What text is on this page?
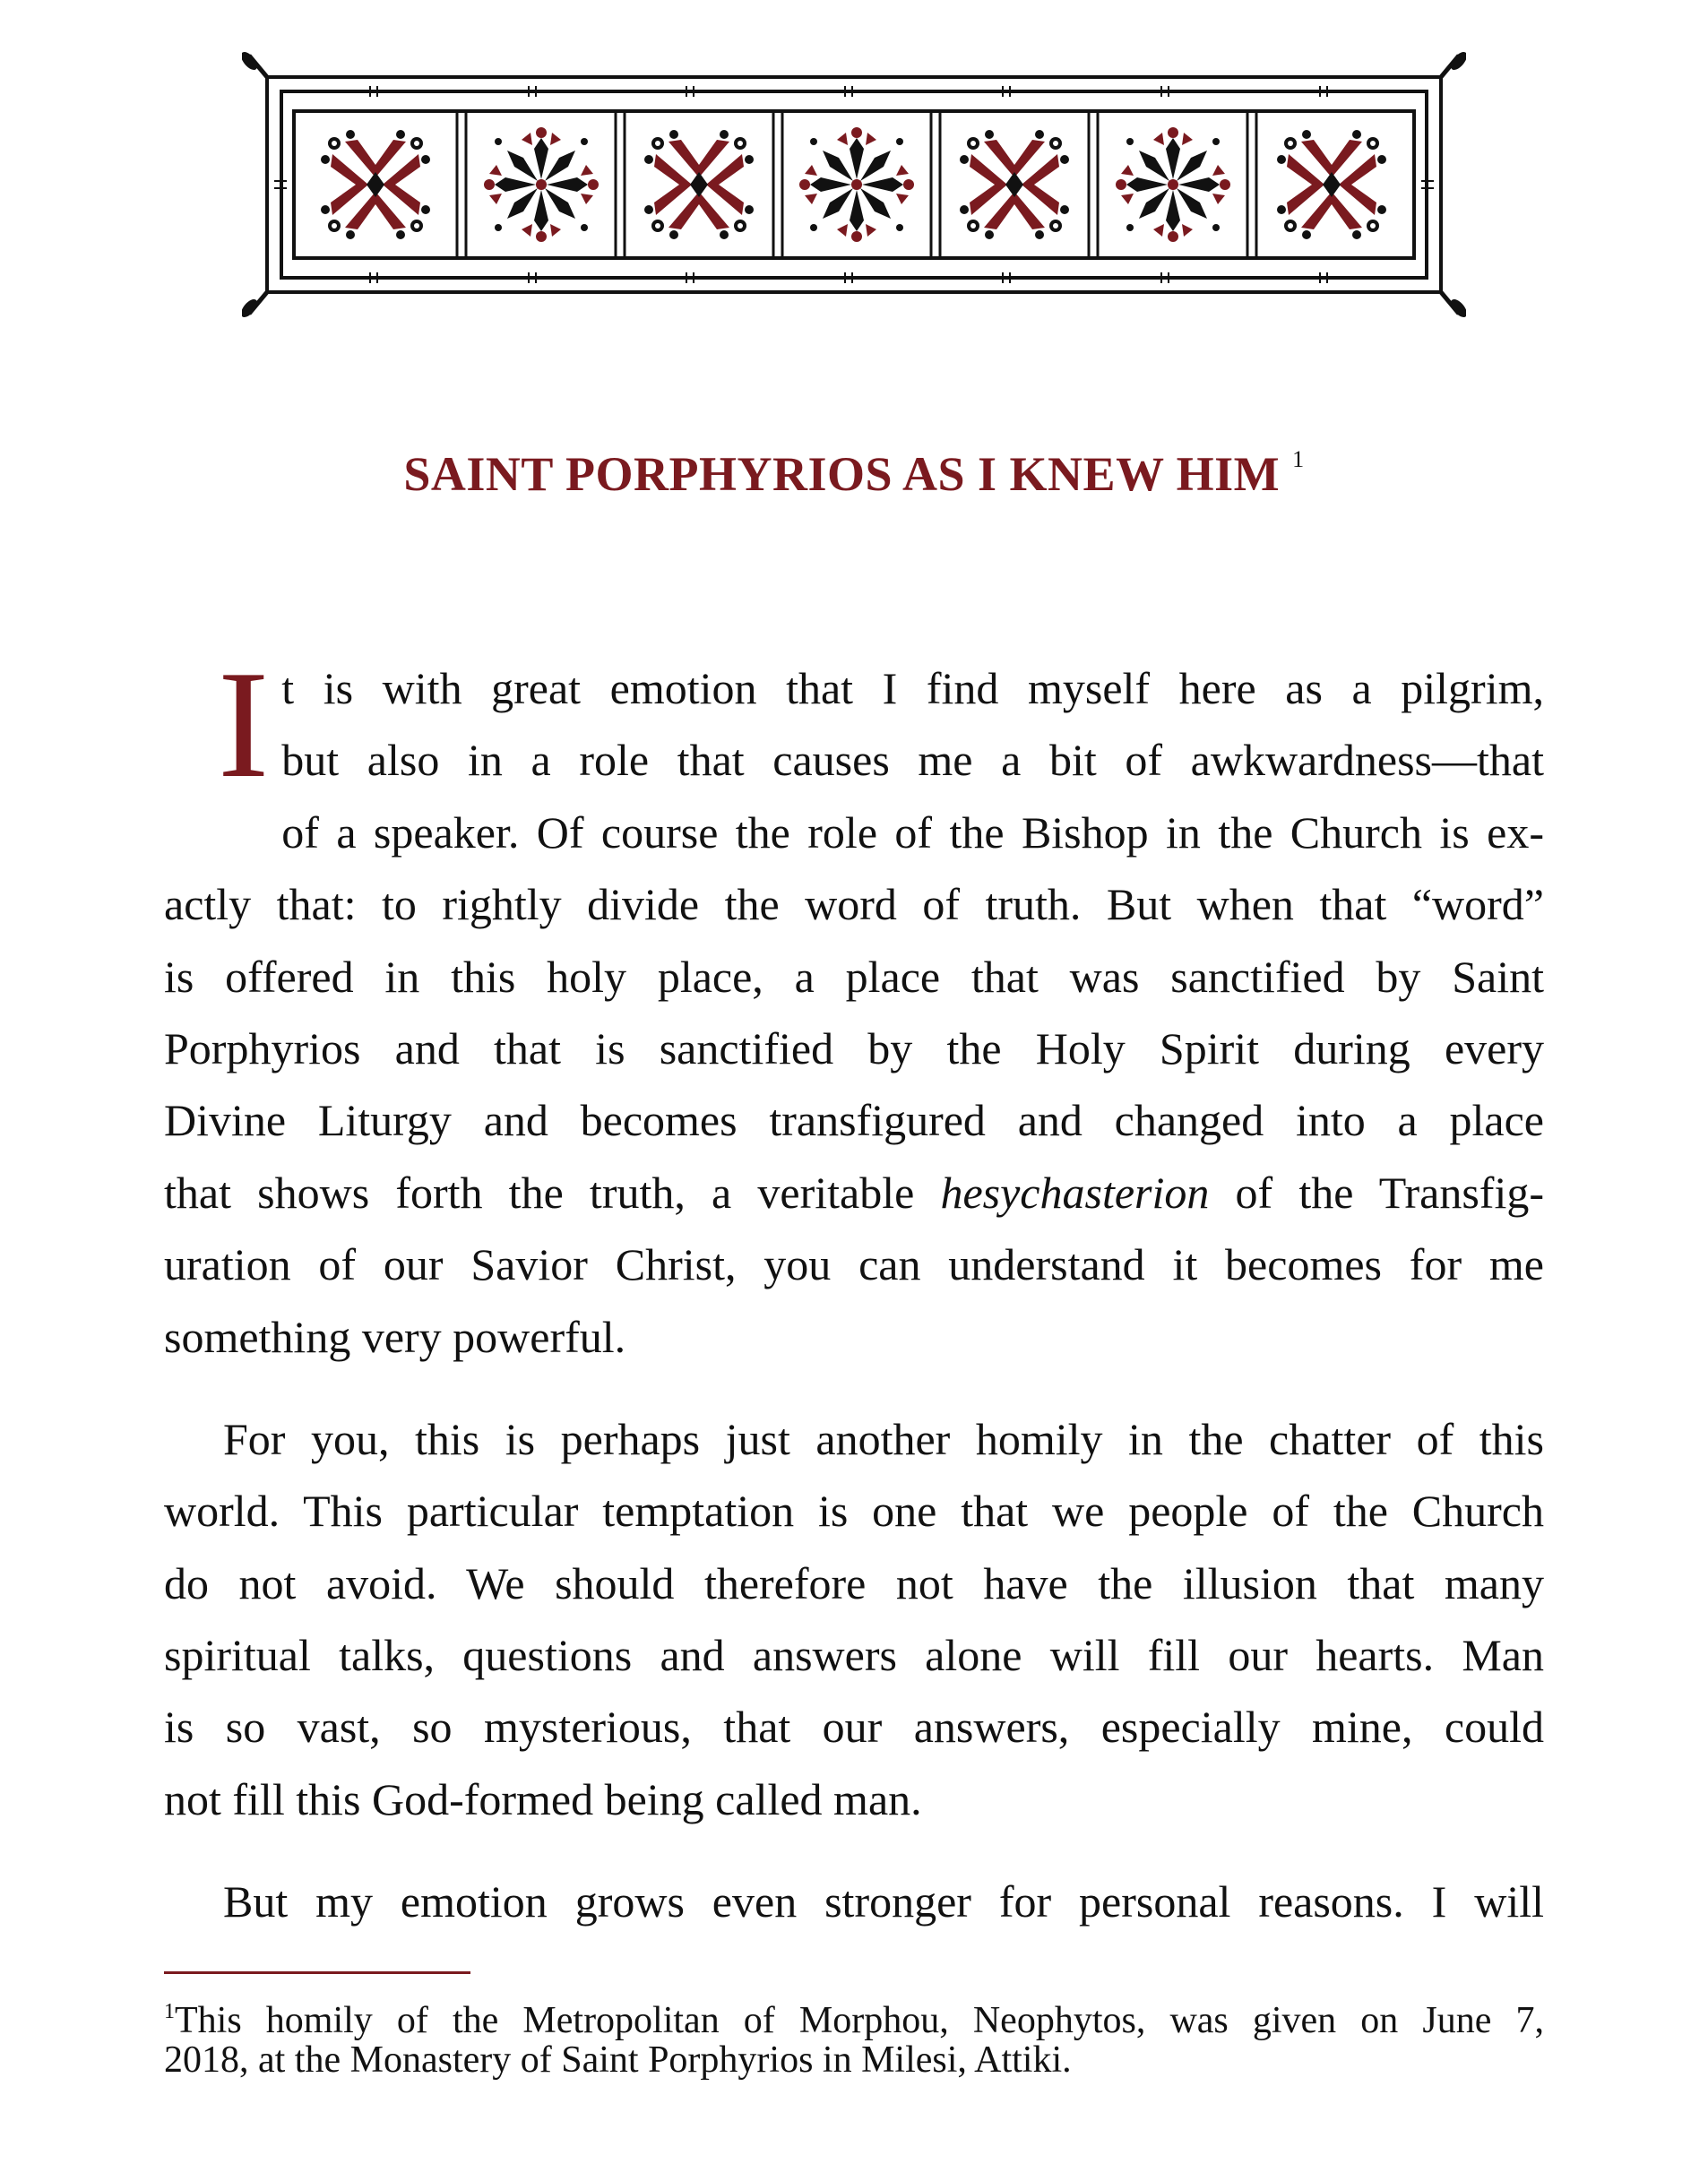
SAINT PORPHYRIOS AS I KNEW HIM $^1$
I t is with great emotion that I find myself here as a pilgrim,
but also in a role that causes me a bit of awkwardness—that
of a speaker. Of course the role of the Bishop in the Church is ex-
actly that: to rightly divide the word of truth. But when that “word”
is offered in this holy place, a place that was sanctified by Saint
Porphyrios and that is sanctified by the Holy Spirit during every
Divine Liturgy and becomes transfigured and changed into a place
that shows forth the truth, a veritable hesychasterion of the Transfig-
uration of our Savior Christ, you can understand it becomes for me
something very powerful.
For you, this is perhaps just another homily in the chatter of this
world. This particular temptation is one that we people of the Church
do not avoid. We should therefore not have the illusion that many
spiritual talks, questions and answers alone will fill our hearts. Man
is so vast, so mysterious, that our answers, especially mine, could
not fill this God-formed being called man.
But my emotion grows even stronger for personal reasons. I will
$^1$This homily of the Metropolitan of Morphou, Neophytos, was given on June 7,
2018, at the Monastery of Saint Porphyrios in Milesi, Attiki.
